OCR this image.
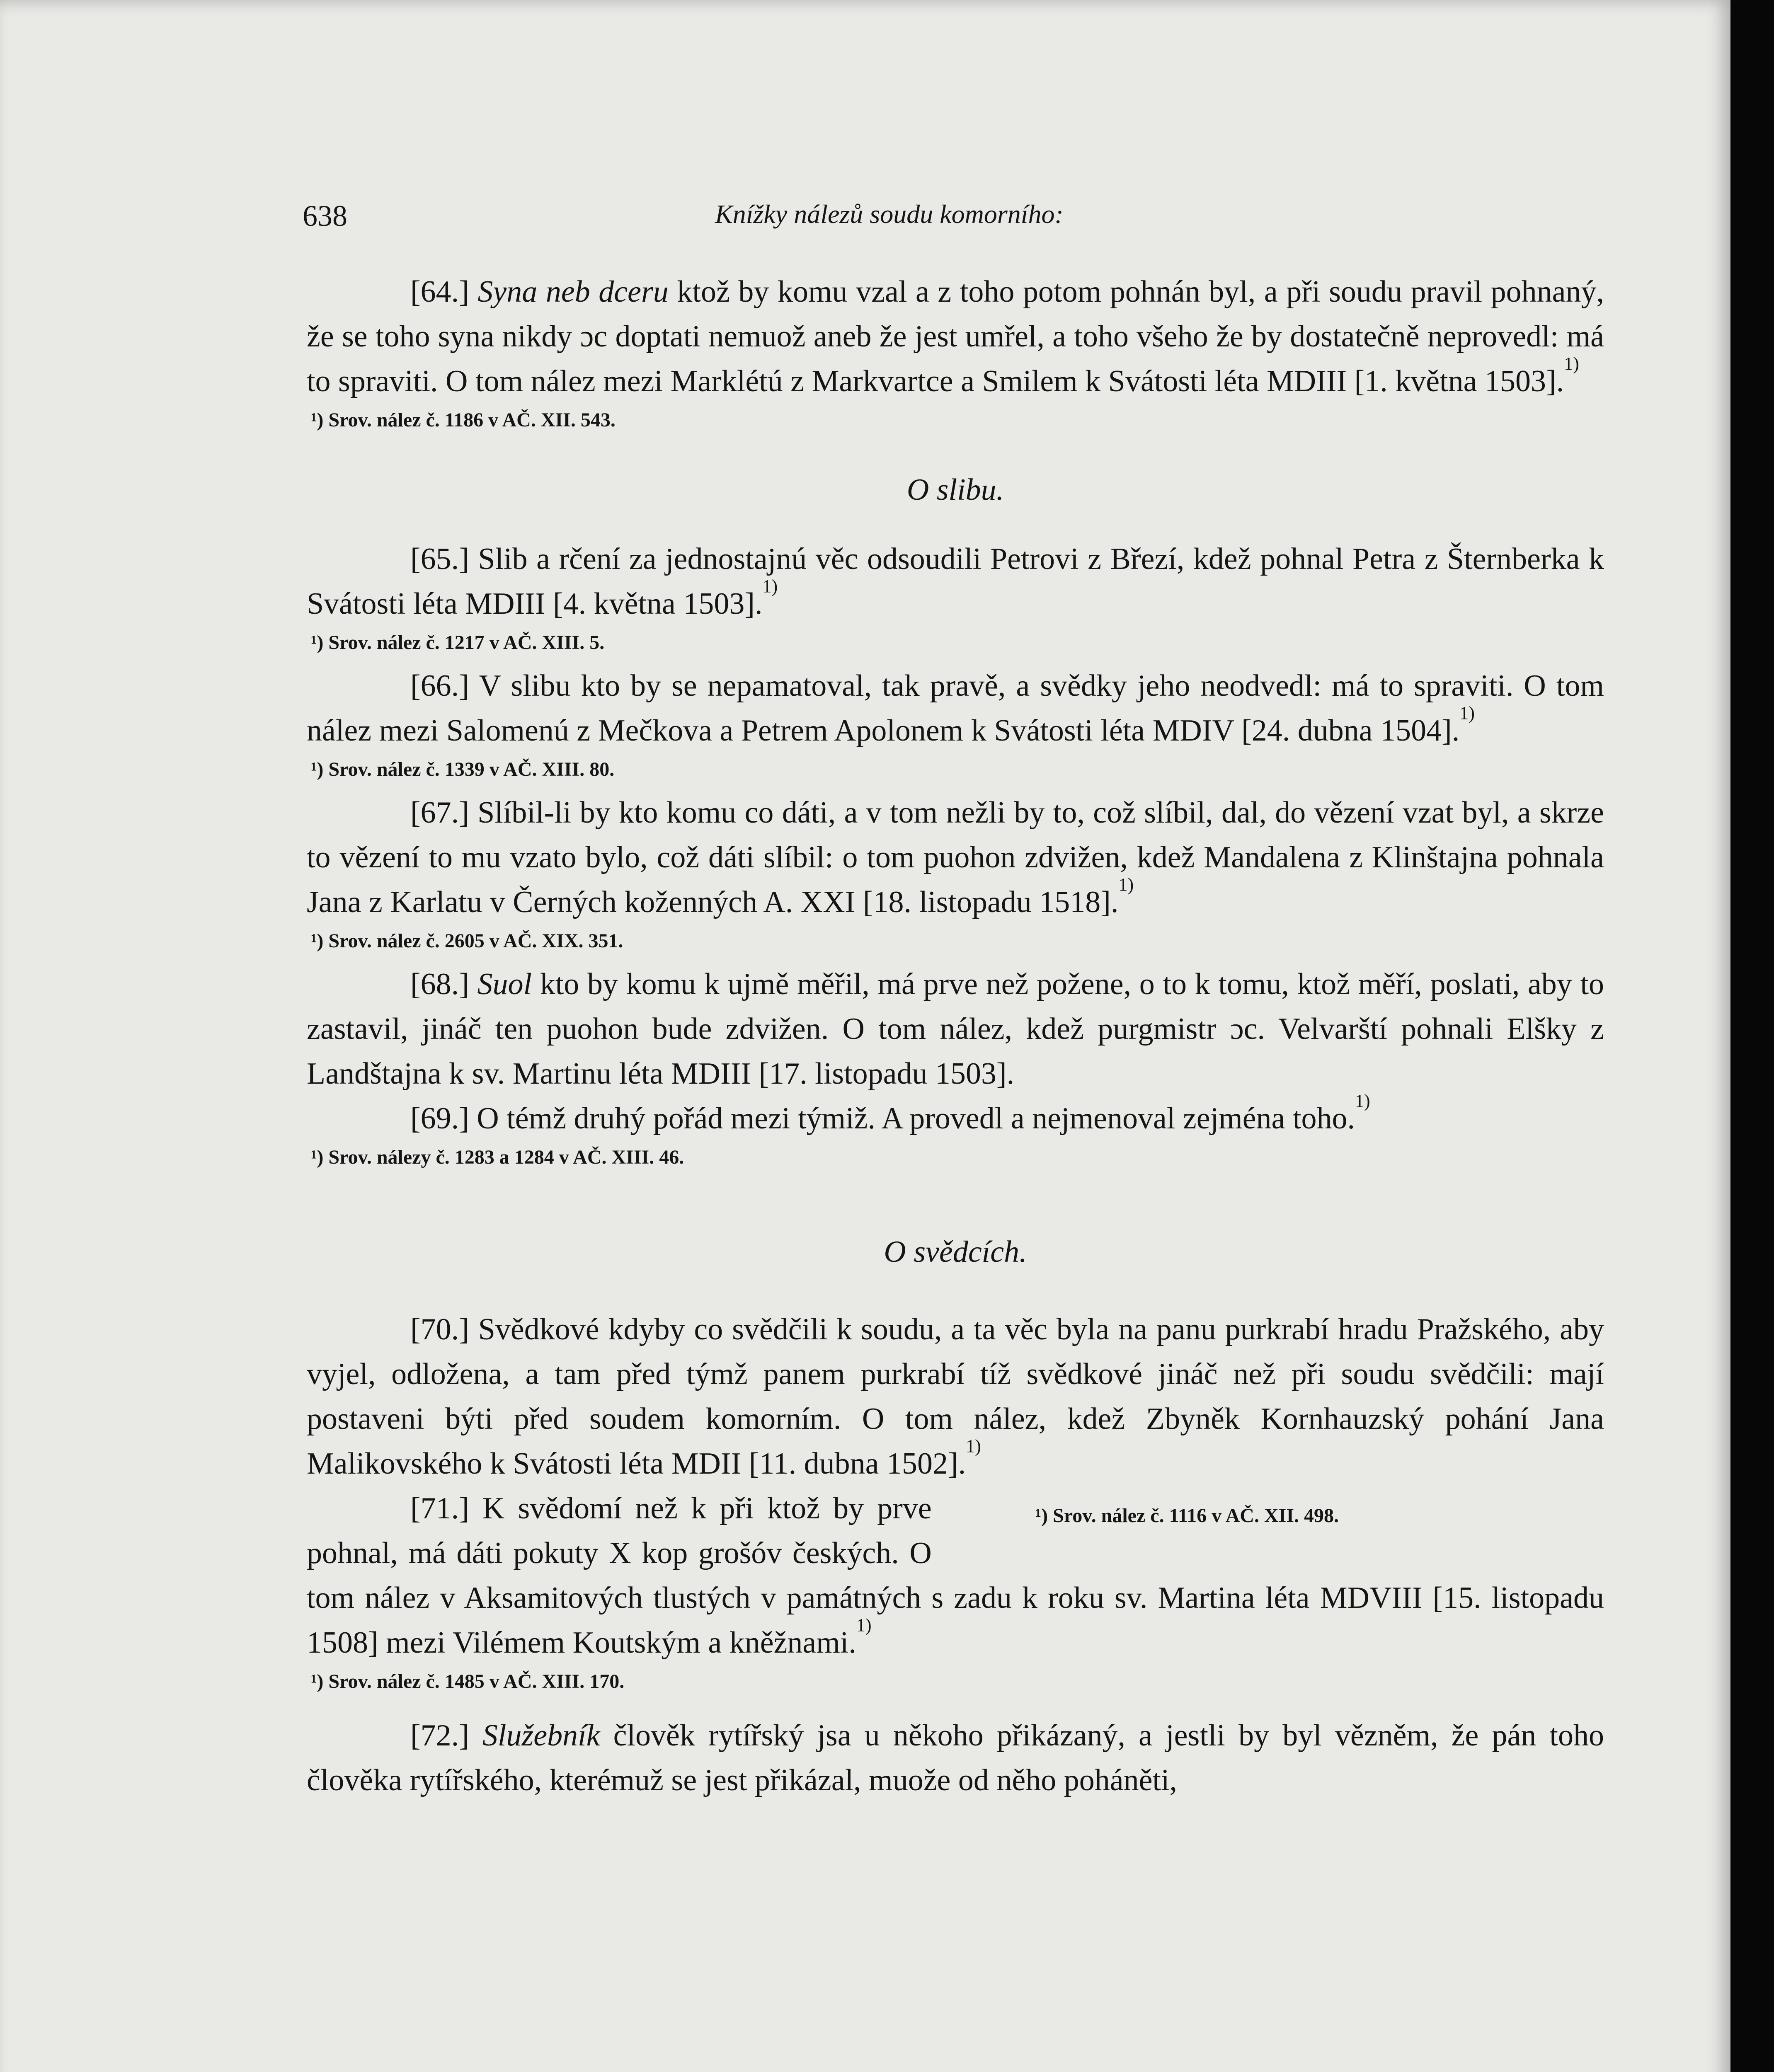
638	Knížky nálezů soudu komorního:

[64.] Syna neb dceru ktož by komu vzal a z toho potom pohnán byl, a při soudu pravil pohnaný, že se toho syna nikdy ɔc doptati nemuož aneb že jest umřel, a toho všeho že by dostatečně neprovedl: má to spraviti. O tom nález mezi Marklétú z Markvartce a Smilem k Svátosti léta MDIII [1. května 1503].$^{1)}$

¹) Srov. nález č. 1186 v AČ. XII. 543.
O slibu.

[65.] Slib a rčení za jednostajnú věc odsoudili Petrovi z Březí, kdež pohnal Petra z Šternberka k Svátosti léta MDIII [4. května 1503].$^{1)}$

¹) Srov. nález č. 1217 v AČ. XIII. 5.

[66.] V slibu kto by se nepamatoval, tak pravě, a svědky jeho neodvedl: má to spraviti. O tom nález mezi Salomenú z Mečkova a Petrem Apolonem k Svátosti léta MDIV [24. dubna 1504].$^{1)}$

¹) Srov. nález č. 1339 v AČ. XIII. 80.

[67.] Slíbil-li by kto komu co dáti, a v tom nežli by to, což slíbil, dal, do vězení vzat byl, a skrze to vězení to mu vzato bylo, což dáti slíbil: o tom puohon zdvižen, kdež Mandalena z Klinštajna pohnala Jana z Karlatu v Černých koženných A. XXI [18. listopadu 1518].$^{1)}$

¹) Srov. nález č. 2605 v AČ. XIX. 351.

[68.] Suol kto by komu k ujmě měřil, má prve než požene, o to k tomu, ktož měří, poslati, aby to zastavil, jináč ten puohon bude zdvižen. O tom nález, kdež purgmistr ɔc. Velvarští pohnali Elšky z Landštajna k sv. Martinu léta MDIII [17. listopadu 1503].

[69.] O témž druhý pořád mezi týmiž. A provedl a nejmenoval zejména toho.$^{1)}$

¹) Srov. nálezy č. 1283 a 1284 v AČ. XIII. 46.
O svědcích.

[70.] Svědkové kdyby co svědčili k soudu, a ta věc byla na panu purkrabí hradu Pražského, aby vyjel, odložena, a tam před týmž panem purkrabí tíž svědkové jináč než při soudu svědčili: mají postaveni býti před soudem komorním. O tom nález, kdež Zbyněk Kornhauzský pohání Jana Malikovského k Svátosti léta MDII [11. dubna 1502].$^{1)}$
¹) Srov. nález č. 1116 v AČ. XII. 498.

[71.] K svědomí než k při ktož by prve pohnal, má dáti pokuty X kop grošóv českých. O tom nález v Aksamitových tlustých v památných s zadu k roku sv. Martina léta MDVIII [15. listopadu 1508] mezi Vilémem Koutským a kněžnami.$^{1)}$

¹) Srov. nález č. 1485 v AČ. XIII. 170.

[72.] Služebník člověk rytířský jsa u někoho přikázaný, a jestli by byl vězněm, že pán toho člověka rytířského, kterémuž se jest přikázal, muože od něho poháněti,
